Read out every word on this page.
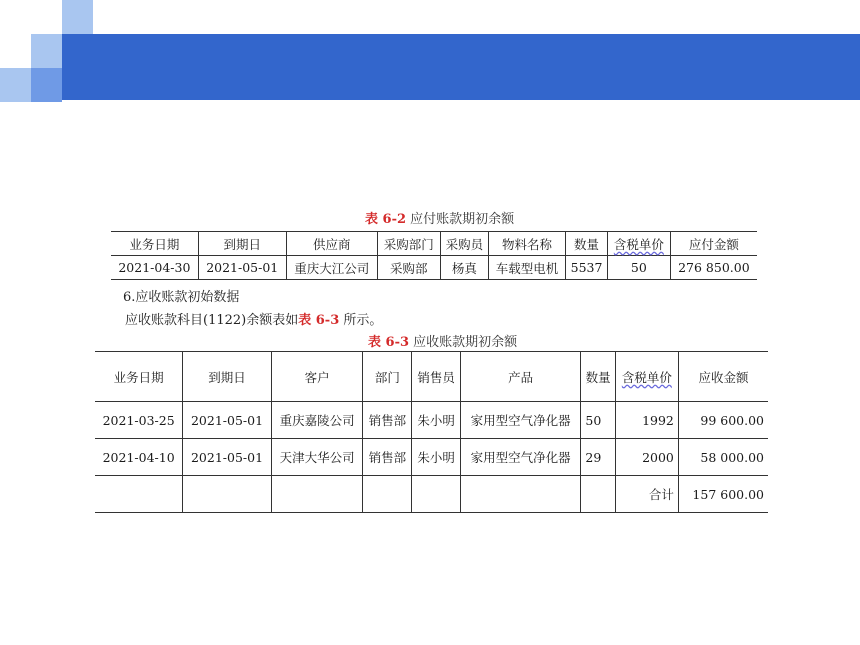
表 6-2 应付账款期初余额
业务日期	到期日	供应商	采购部门	采购员	物料名称	数量	含税单价	应付金额
2021-04-30	2021-05-01	重庆大江公司	采购部	杨真	车载型电机	5537	50	276 850.00
6.应收账款初始数据
应收账款科目(1122)余额表如表 6-3 所示。
表 6-3 应收账款期初余额
业务日期	到期日	客户	部门	销售员	产品	数量	含税单价	应收金额
2021-03-25	2021-05-01	重庆嘉陵公司	销售部	朱小明	家用型空气净化器	50	1992	99 600.00
2021-04-10	2021-05-01	天津大华公司	销售部	朱小明	家用型空气净化器	29	2000	58 000.00
							合计	157 600.00
